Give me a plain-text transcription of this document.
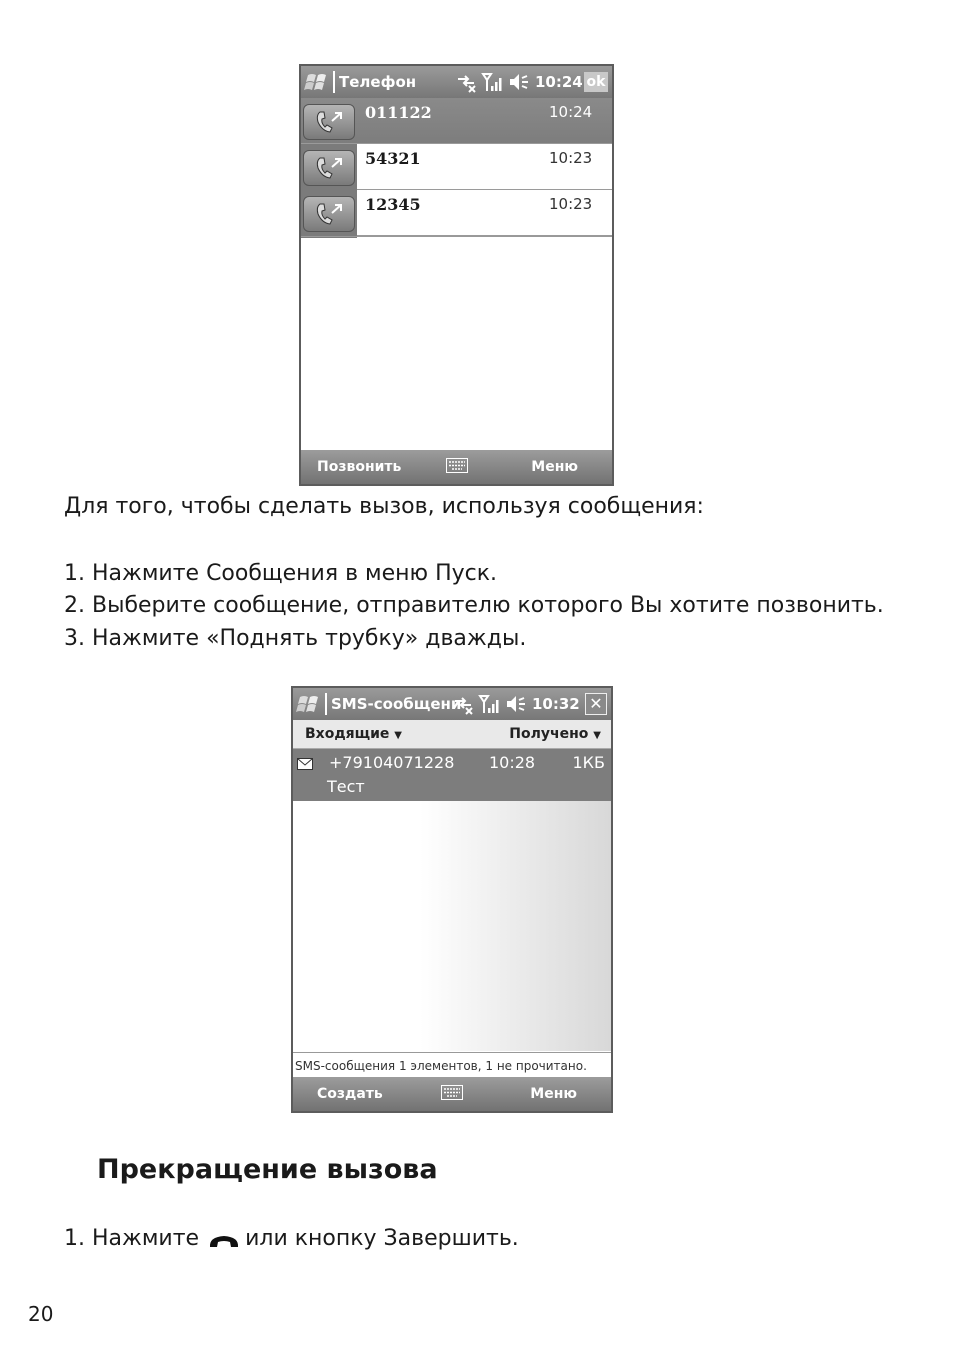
Телефон	10:24 ok
011122	10:24
54321	10:23
12345	10:23
Позвонить	Меню
Для того, чтобы сделать вызов, используя сообщения:
1. Нажмите Сообщения в меню Пуск.
2. Выберите сообщение, отправителю которого Вы хотите позвонить.
3. Нажмите «Поднять трубку» дважды.
SMS-сообщени	10:32 ✕
Входящие ▼	Получено ▼
+79104071228 10:28 1КБ
Тест
SMS-сообщения 1 элементов, 1 не прочитано.
Создать	Меню
Прекращение вызова
1. Нажмите или кнопку Завершить.
20
